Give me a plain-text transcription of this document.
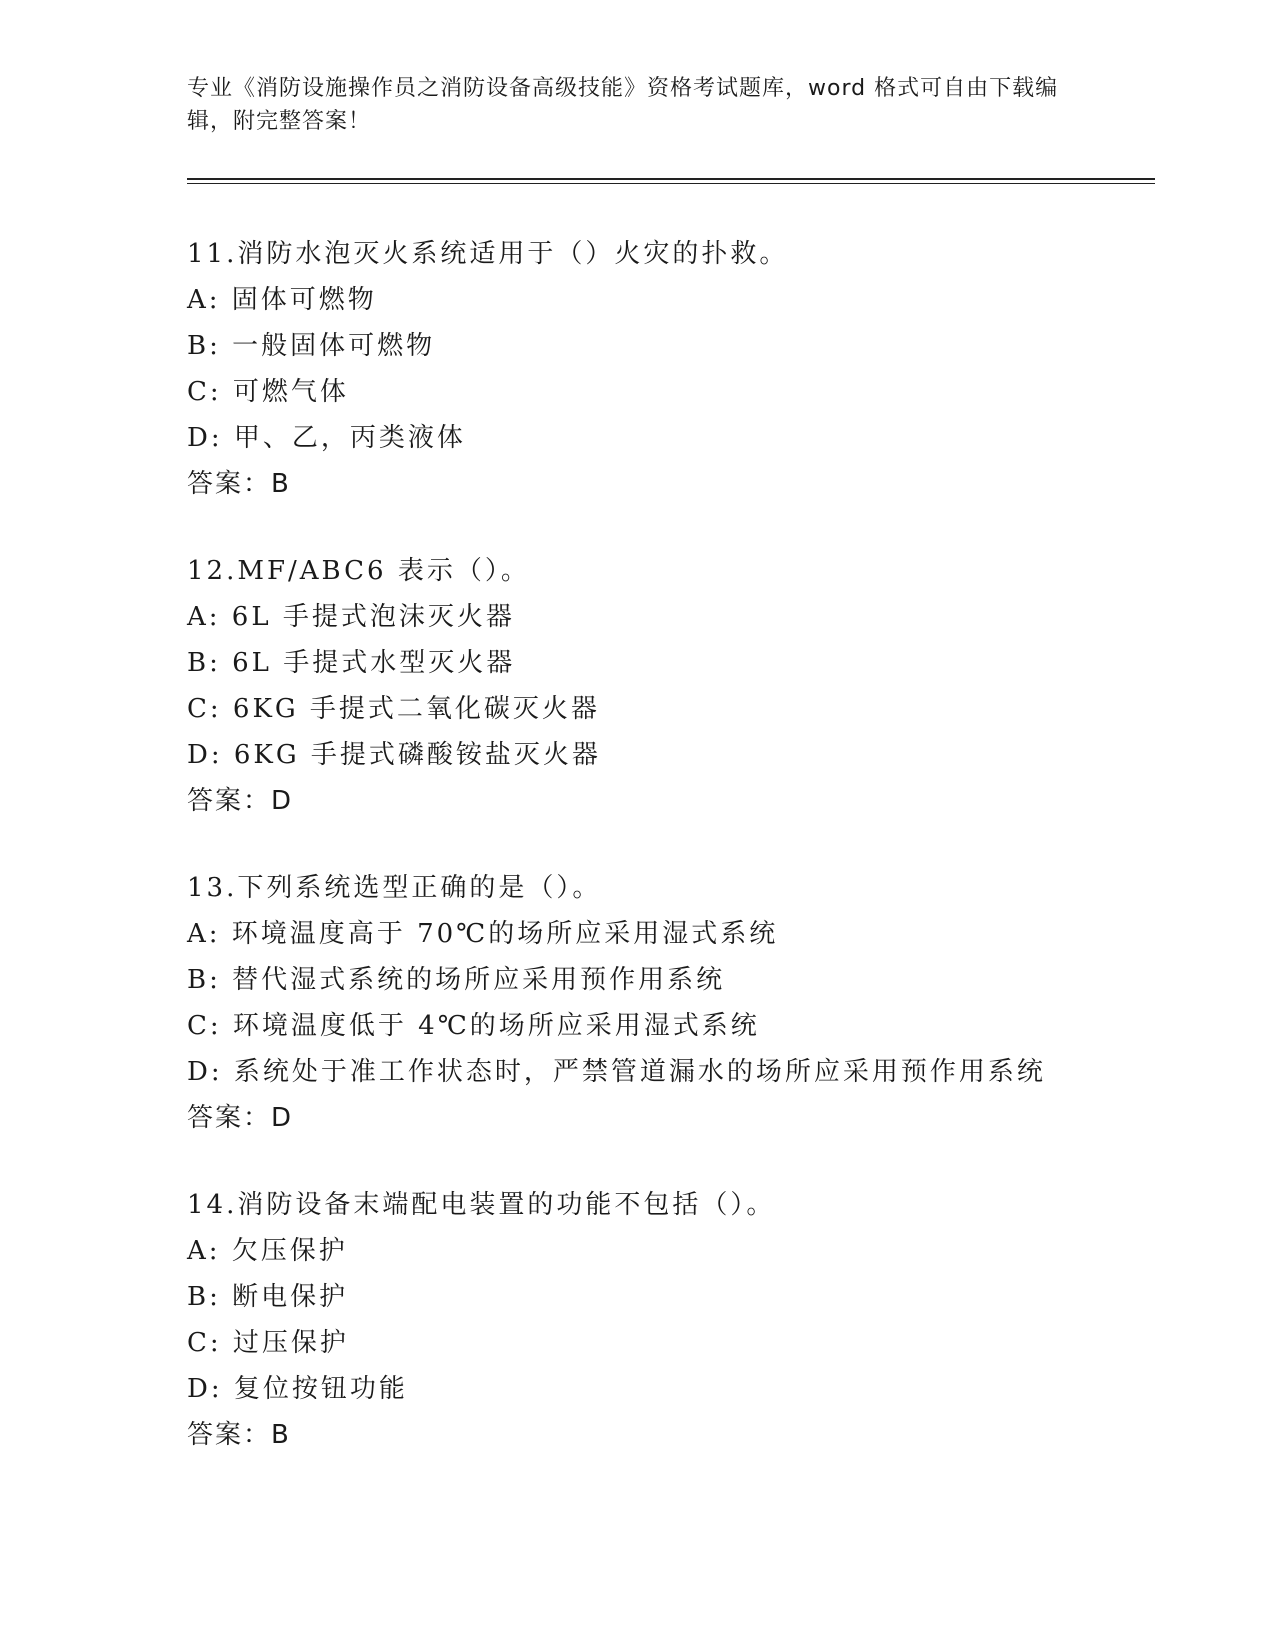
专业《消防设施操作员之消防设备高级技能》资格考试题库，word 格式可自由下载编辑，附完整答案！
11.消防水泡灭火系统适用于（）火灾的扑救。
A: 固体可燃物
B: 一般固体可燃物
C: 可燃气体
D: 甲、乙，丙类液体
答案：B
12.MF/ABC6 表示（）。
A: 6L 手提式泡沫灭火器
B: 6L 手提式水型灭火器
C: 6KG 手提式二氧化碳灭火器
D: 6KG 手提式磷酸铵盐灭火器
答案：D
13.下列系统选型正确的是（）。
A: 环境温度高于 70℃的场所应采用湿式系统
B: 替代湿式系统的场所应采用预作用系统
C: 环境温度低于 4℃的场所应采用湿式系统
D: 系统处于准工作状态时，严禁管道漏水的场所应采用预作用系统
答案：D
14.消防设备末端配电装置的功能不包括（）。
A: 欠压保护
B: 断电保护
C: 过压保护
D: 复位按钮功能
答案：B
